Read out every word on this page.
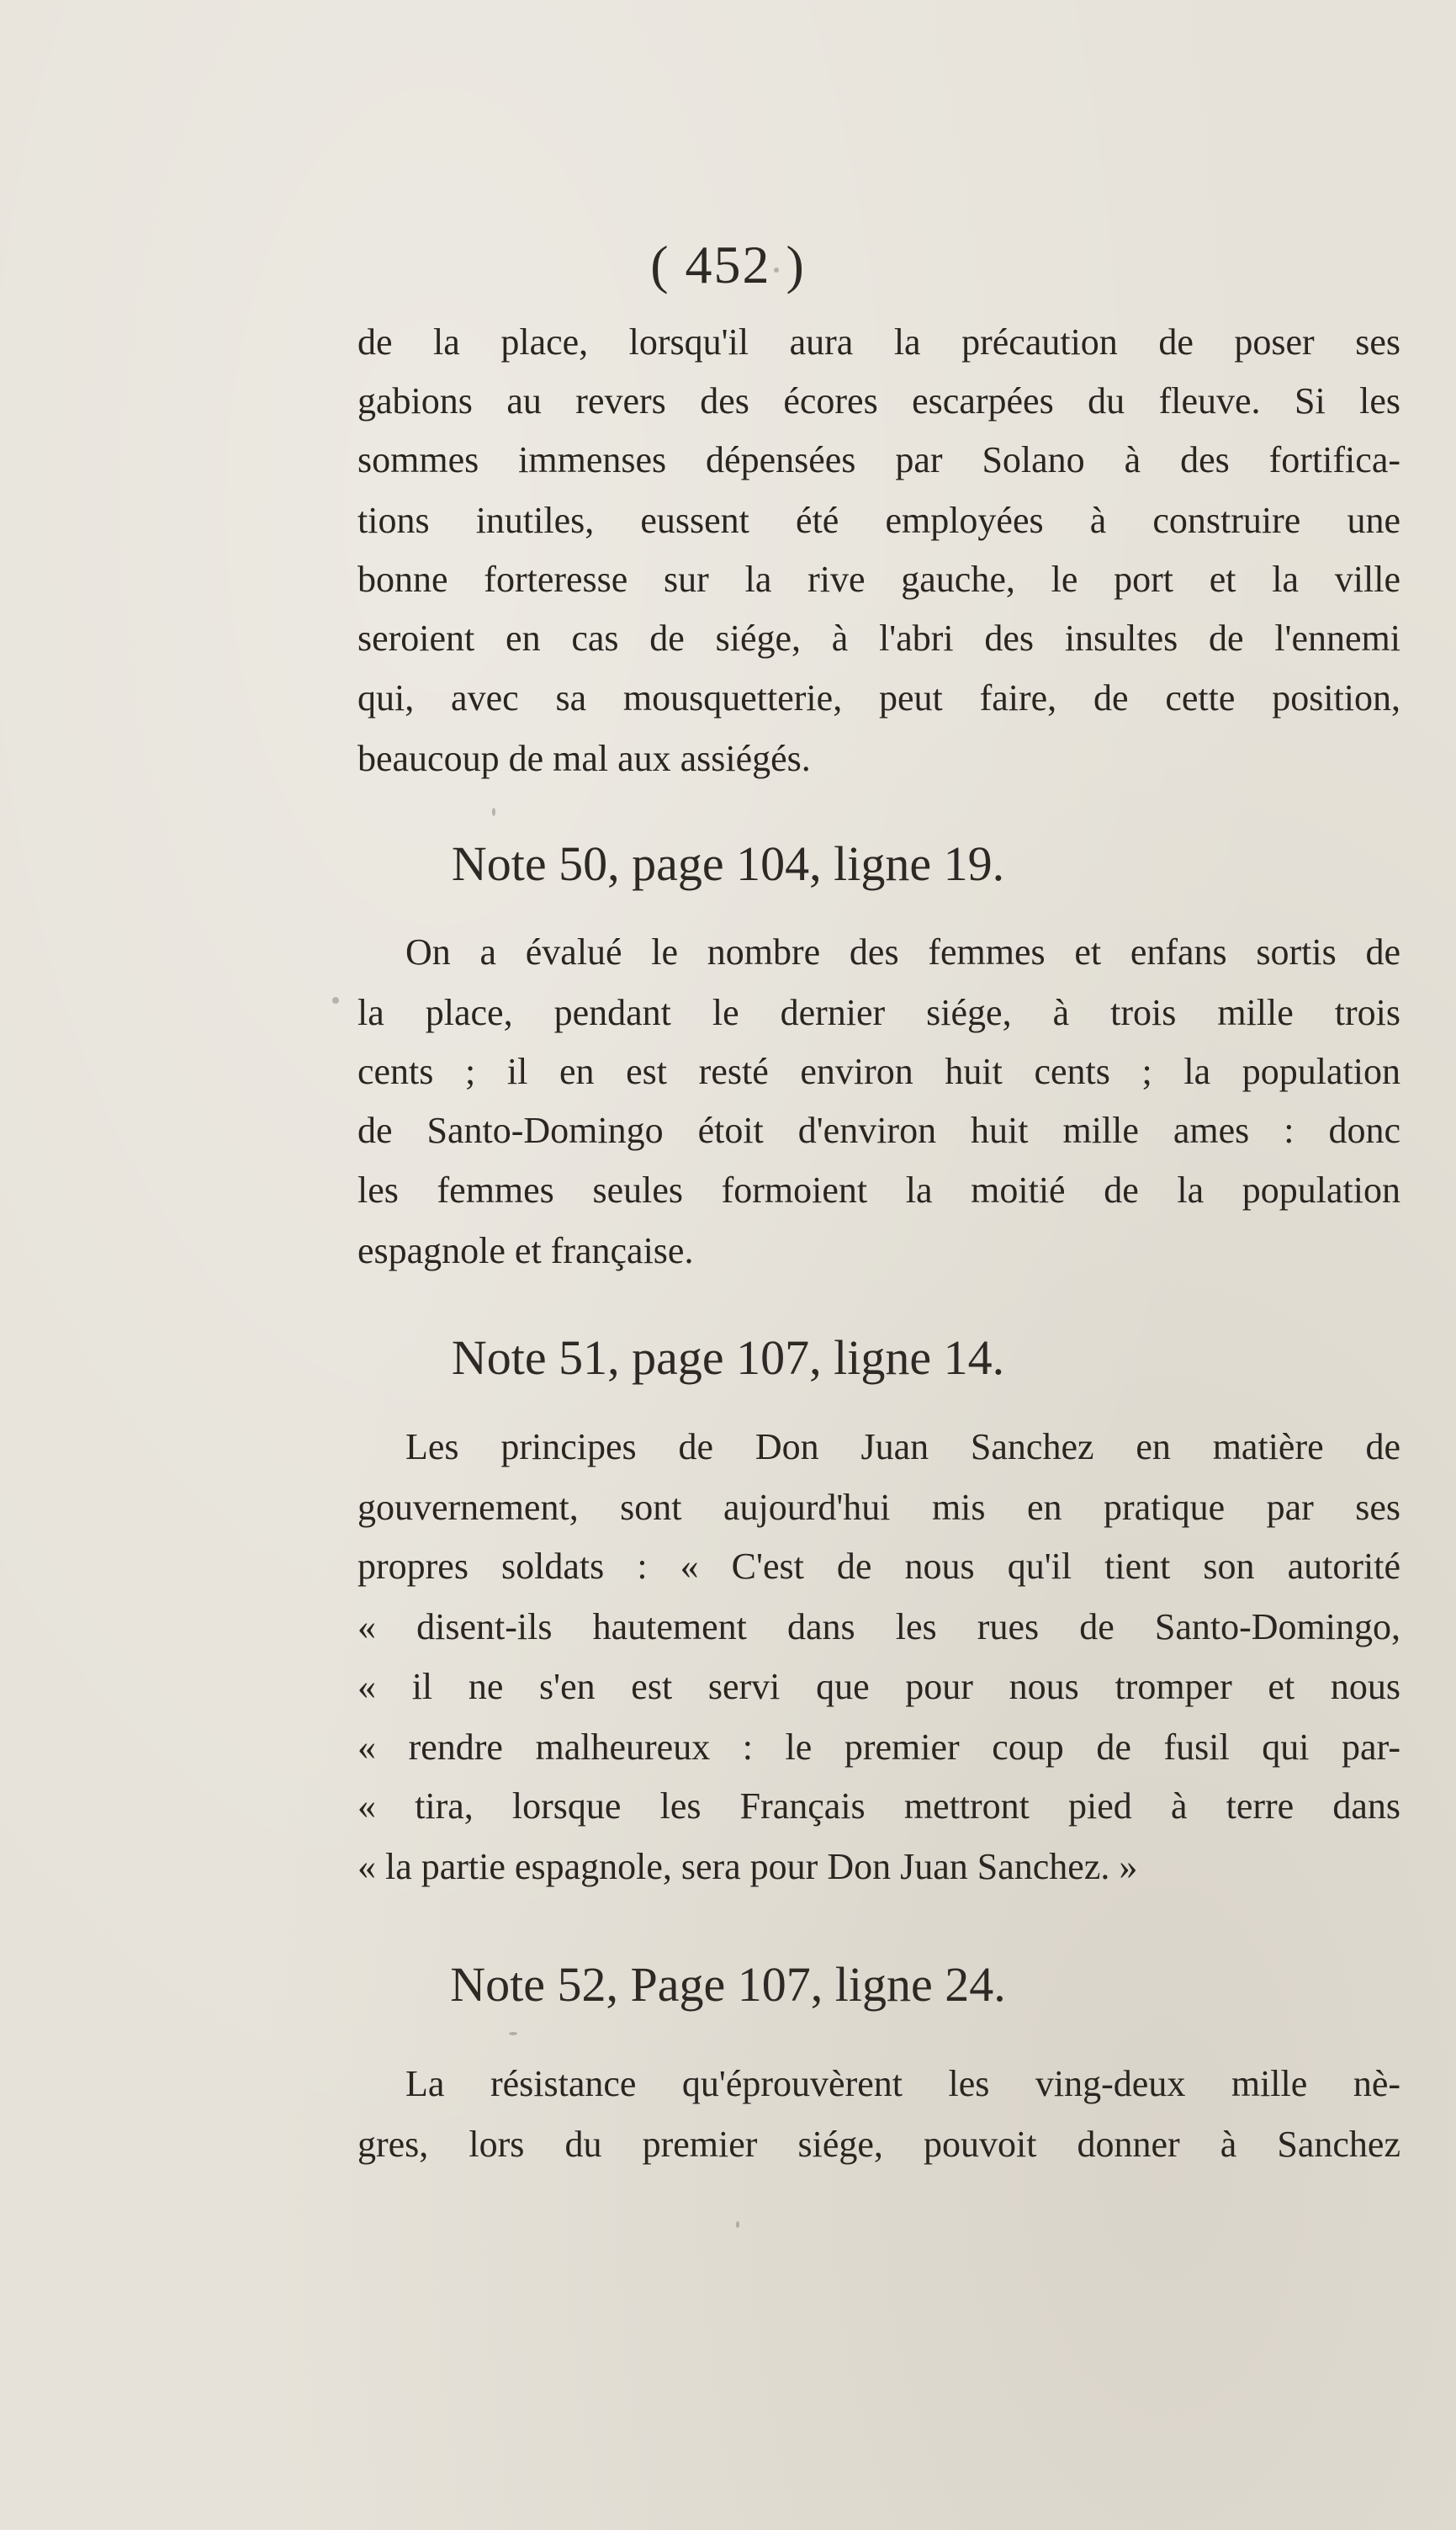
( 452 )
de la place, lorsqu'il aura la précaution de poser ses
gabions au revers des écores escarpées du fleuve. Si les
sommes immenses dépensées par Solano à des fortifica-
tions inutiles, eussent été employées à construire une
bonne forteresse sur la rive gauche, le port et la ville
seroient en cas de siége, à l'abri des insultes de l'ennemi
qui, avec sa mousquetterie, peut faire, de cette position,
beaucoup de mal aux assiégés.
Note 50, page 104, ligne 19.
On a évalué le nombre des femmes et enfans sortis de
la place, pendant le dernier siége, à trois mille trois
cents ; il en est resté environ huit cents ; la population
de Santo-Domingo étoit d'environ huit mille ames : donc
les femmes seules formoient la moitié de la population
espagnole et française.
Note 51, page 107, ligne 14.
Les principes de Don Juan Sanchez en matière de
gouvernement, sont aujourd'hui mis en pratique par ses
propres soldats : « C'est de nous qu'il tient son autorité
« disent-ils hautement dans les rues de Santo-Domingo,
« il ne s'en est servi que pour nous tromper et nous
« rendre malheureux : le premier coup de fusil qui par-
« tira, lorsque les Français mettront pied à terre dans
« la partie espagnole, sera pour Don Juan Sanchez. »
Note 52, Page 107, ligne 24.
La résistance qu'éprouvèrent les ving-deux mille nè-
gres, lors du premier siége, pouvoit donner à Sanchez
